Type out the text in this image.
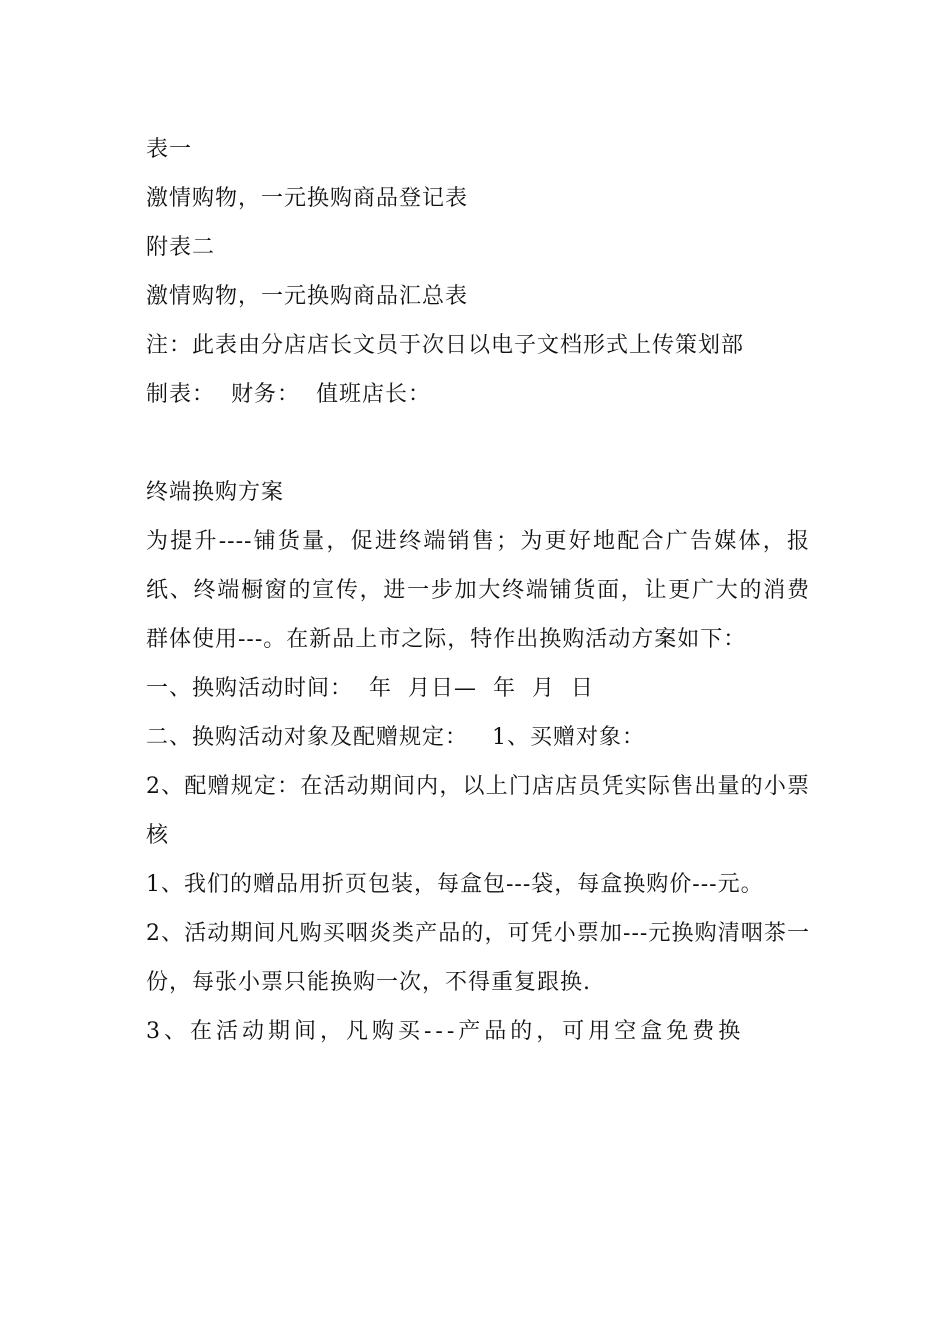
表一

激情购物，一元换购商品登记表

附表二

激情购物，一元换购商品汇总表

注：此表由分店店长文员于次日以电子文档形式上传策划部

制表：  财务：  值班店长：

终端换购方案

为提升----铺货量，促进终端销售；为更好地配合广告媒体，报纸、终端橱窗的宣传，进一步加大终端铺货面，让更广大的消费群体使用---。在新品上市之际，特作出换购活动方案如下：

一、换购活动时间：  年  月日—  年  月  日

二、换购活动对象及配赠规定：   1、买赠对象：

2、配赠规定：在活动期间内，以上门店店员凭实际售出量的小票核

1、我们的赠品用折页包装，每盒包---袋，每盒换购价---元。

2、活动期间凡购买咽炎类产品的，可凭小票加---元换购清咽茶一份，每张小票只能换购一次，不得重复跟换.

3、在活动期间，凡购买---产品的，可用空盒免费换
